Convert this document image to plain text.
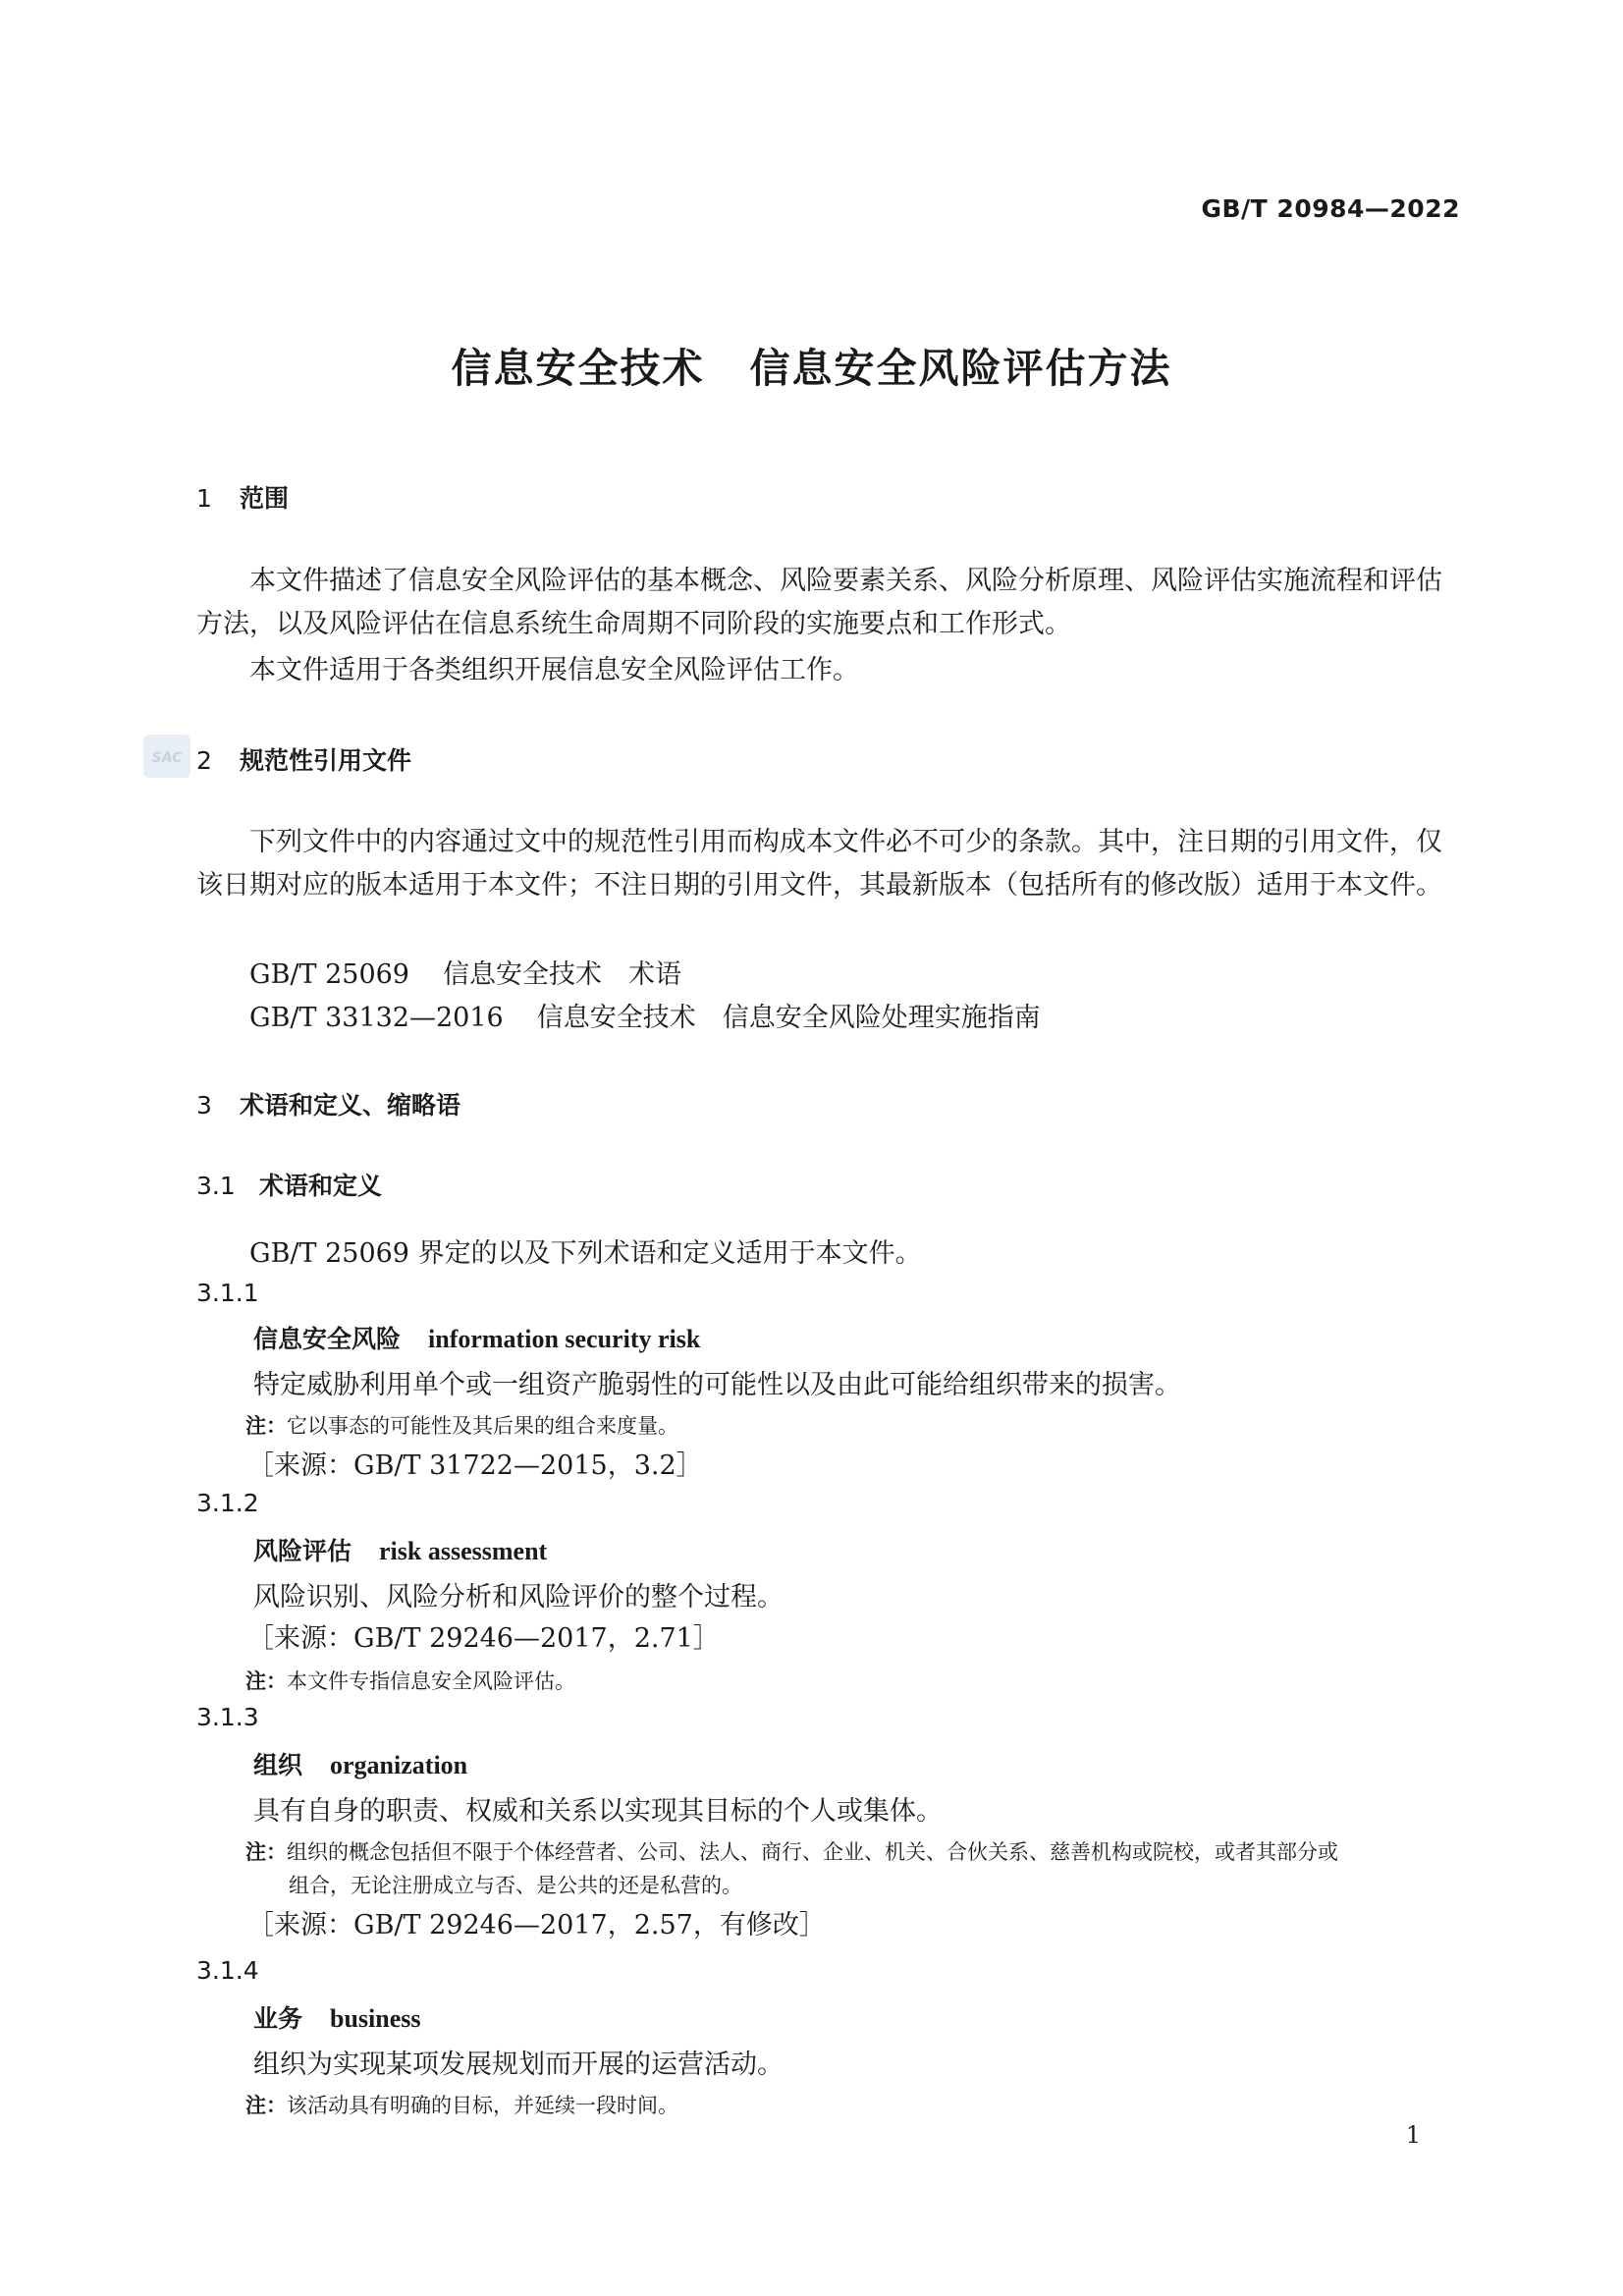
GB/T 20984—2022
信息安全技术 信息安全风险评估方法
1 范围
本文件描述了信息安全风险评估的基本概念、风险要素关系、风险分析原理、风险评估实施流程和评估方法，以及风险评估在信息系统生命周期不同阶段的实施要点和工作形式。
本文件适用于各类组织开展信息安全风险评估工作。
SAC 2 规范性引用文件
下列文件中的内容通过文中的规范性引用而构成本文件必不可少的条款。其中，注日期的引用文件，仅该日期对应的版本适用于本文件；不注日期的引用文件，其最新版本（包括所有的修改版）适用于本文件。
GB/T 25069 信息安全技术　术语
GB/T 33132—2016 信息安全技术　信息安全风险处理实施指南
3 术语和定义、缩略语
3.1 术语和定义
GB/T 25069 界定的以及下列术语和定义适用于本文件。
3.1.1
信息安全风险 information security risk
特定威胁利用单个或一组资产脆弱性的可能性以及由此可能给组织带来的损害。
注：它以事态的可能性及其后果的组合来度量。
［来源：GB/T 31722—2015，3.2］
3.1.2
风险评估 risk assessment
风险识别、风险分析和风险评价的整个过程。
［来源：GB/T 29246—2017，2.71］
注：本文件专指信息安全风险评估。
3.1.3
组织 organization
具有自身的职责、权威和关系以实现其目标的个人或集体。
注：组织的概念包括但不限于个体经营者、公司、法人、商行、企业、机关、合伙关系、慈善机构或院校，或者其部分或
组合，无论注册成立与否、是公共的还是私营的。
［来源：GB/T 29246—2017，2.57，有修改］
3.1.4
业务 business
组织为实现某项发展规划而开展的运营活动。
注：该活动具有明确的目标，并延续一段时间。
1
